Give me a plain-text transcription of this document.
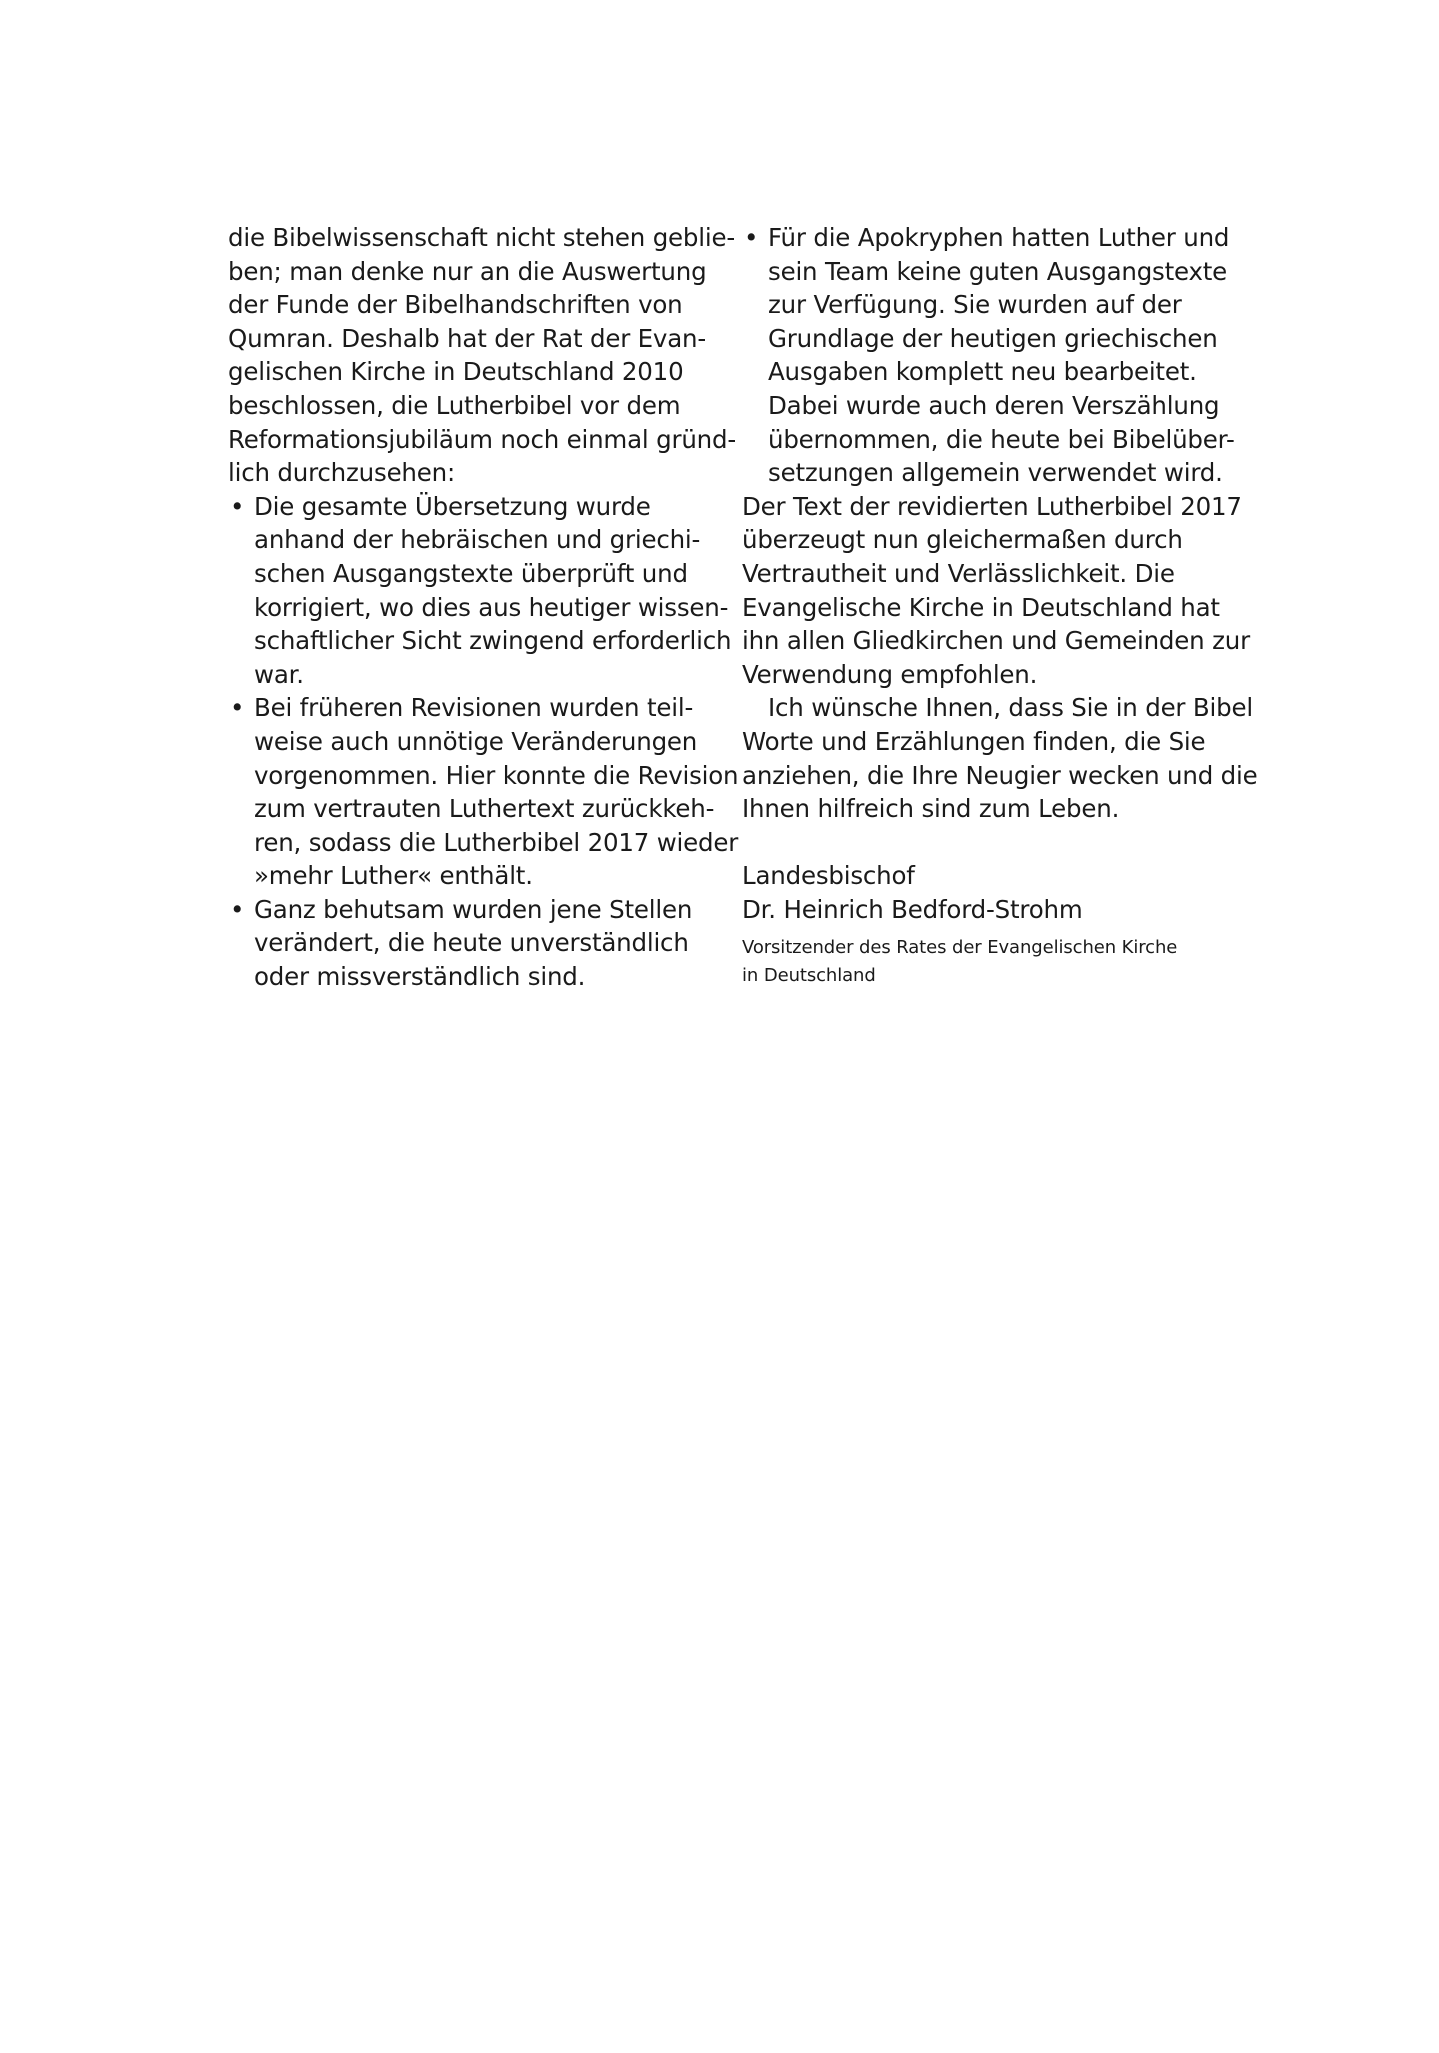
die Bibelwissenschaft nicht stehen geblie-
ben; man denke nur an die Auswertung
der Funde der Bibelhandschriften von
Qumran. Deshalb hat der Rat der Evan-
gelischen Kirche in Deutschland 2010
beschlossen, die Lutherbibel vor dem
Reformationsjubiläum noch einmal gründ-
lich durchzusehen:
• Die gesamte Übersetzung wurde
anhand der hebräischen und griechi-
schen Ausgangstexte überprüft und
korrigiert, wo dies aus heutiger wissen-
schaftlicher Sicht zwingend erforderlich
war.
• Bei früheren Revisionen wurden teil-
weise auch unnötige Veränderungen
vorgenommen. Hier konnte die Revision
zum vertrauten Luthertext zurückkeh-
ren, sodass die Lutherbibel 2017 wieder
»mehr Luther« enthält.
• Ganz behutsam wurden jene Stellen
verändert, die heute unverständlich
oder missverständlich sind.
• Für die Apokryphen hatten Luther und
sein Team keine guten Ausgangstexte
zur Verfügung. Sie wurden auf der
Grundlage der heutigen griechischen
Ausgaben komplett neu bearbeitet.
Dabei wurde auch deren Verszählung
übernommen, die heute bei Bibelüber-
setzungen allgemein verwendet wird.
Der Text der revidierten Lutherbibel 2017
überzeugt nun gleichermaßen durch
Vertrautheit und Verlässlichkeit. Die
Evangelische Kirche in Deutschland hat
ihn allen Gliedkirchen und Gemeinden zur
Verwendung empfohlen.
Ich wünsche Ihnen, dass Sie in der Bibel
Worte und Erzählungen finden, die Sie
anziehen, die Ihre Neugier wecken und die
Ihnen hilfreich sind zum Leben.
Landesbischof
Dr. Heinrich Bedford-Strohm
Vorsitzender des Rates der Evangelischen Kirche
in Deutschland
